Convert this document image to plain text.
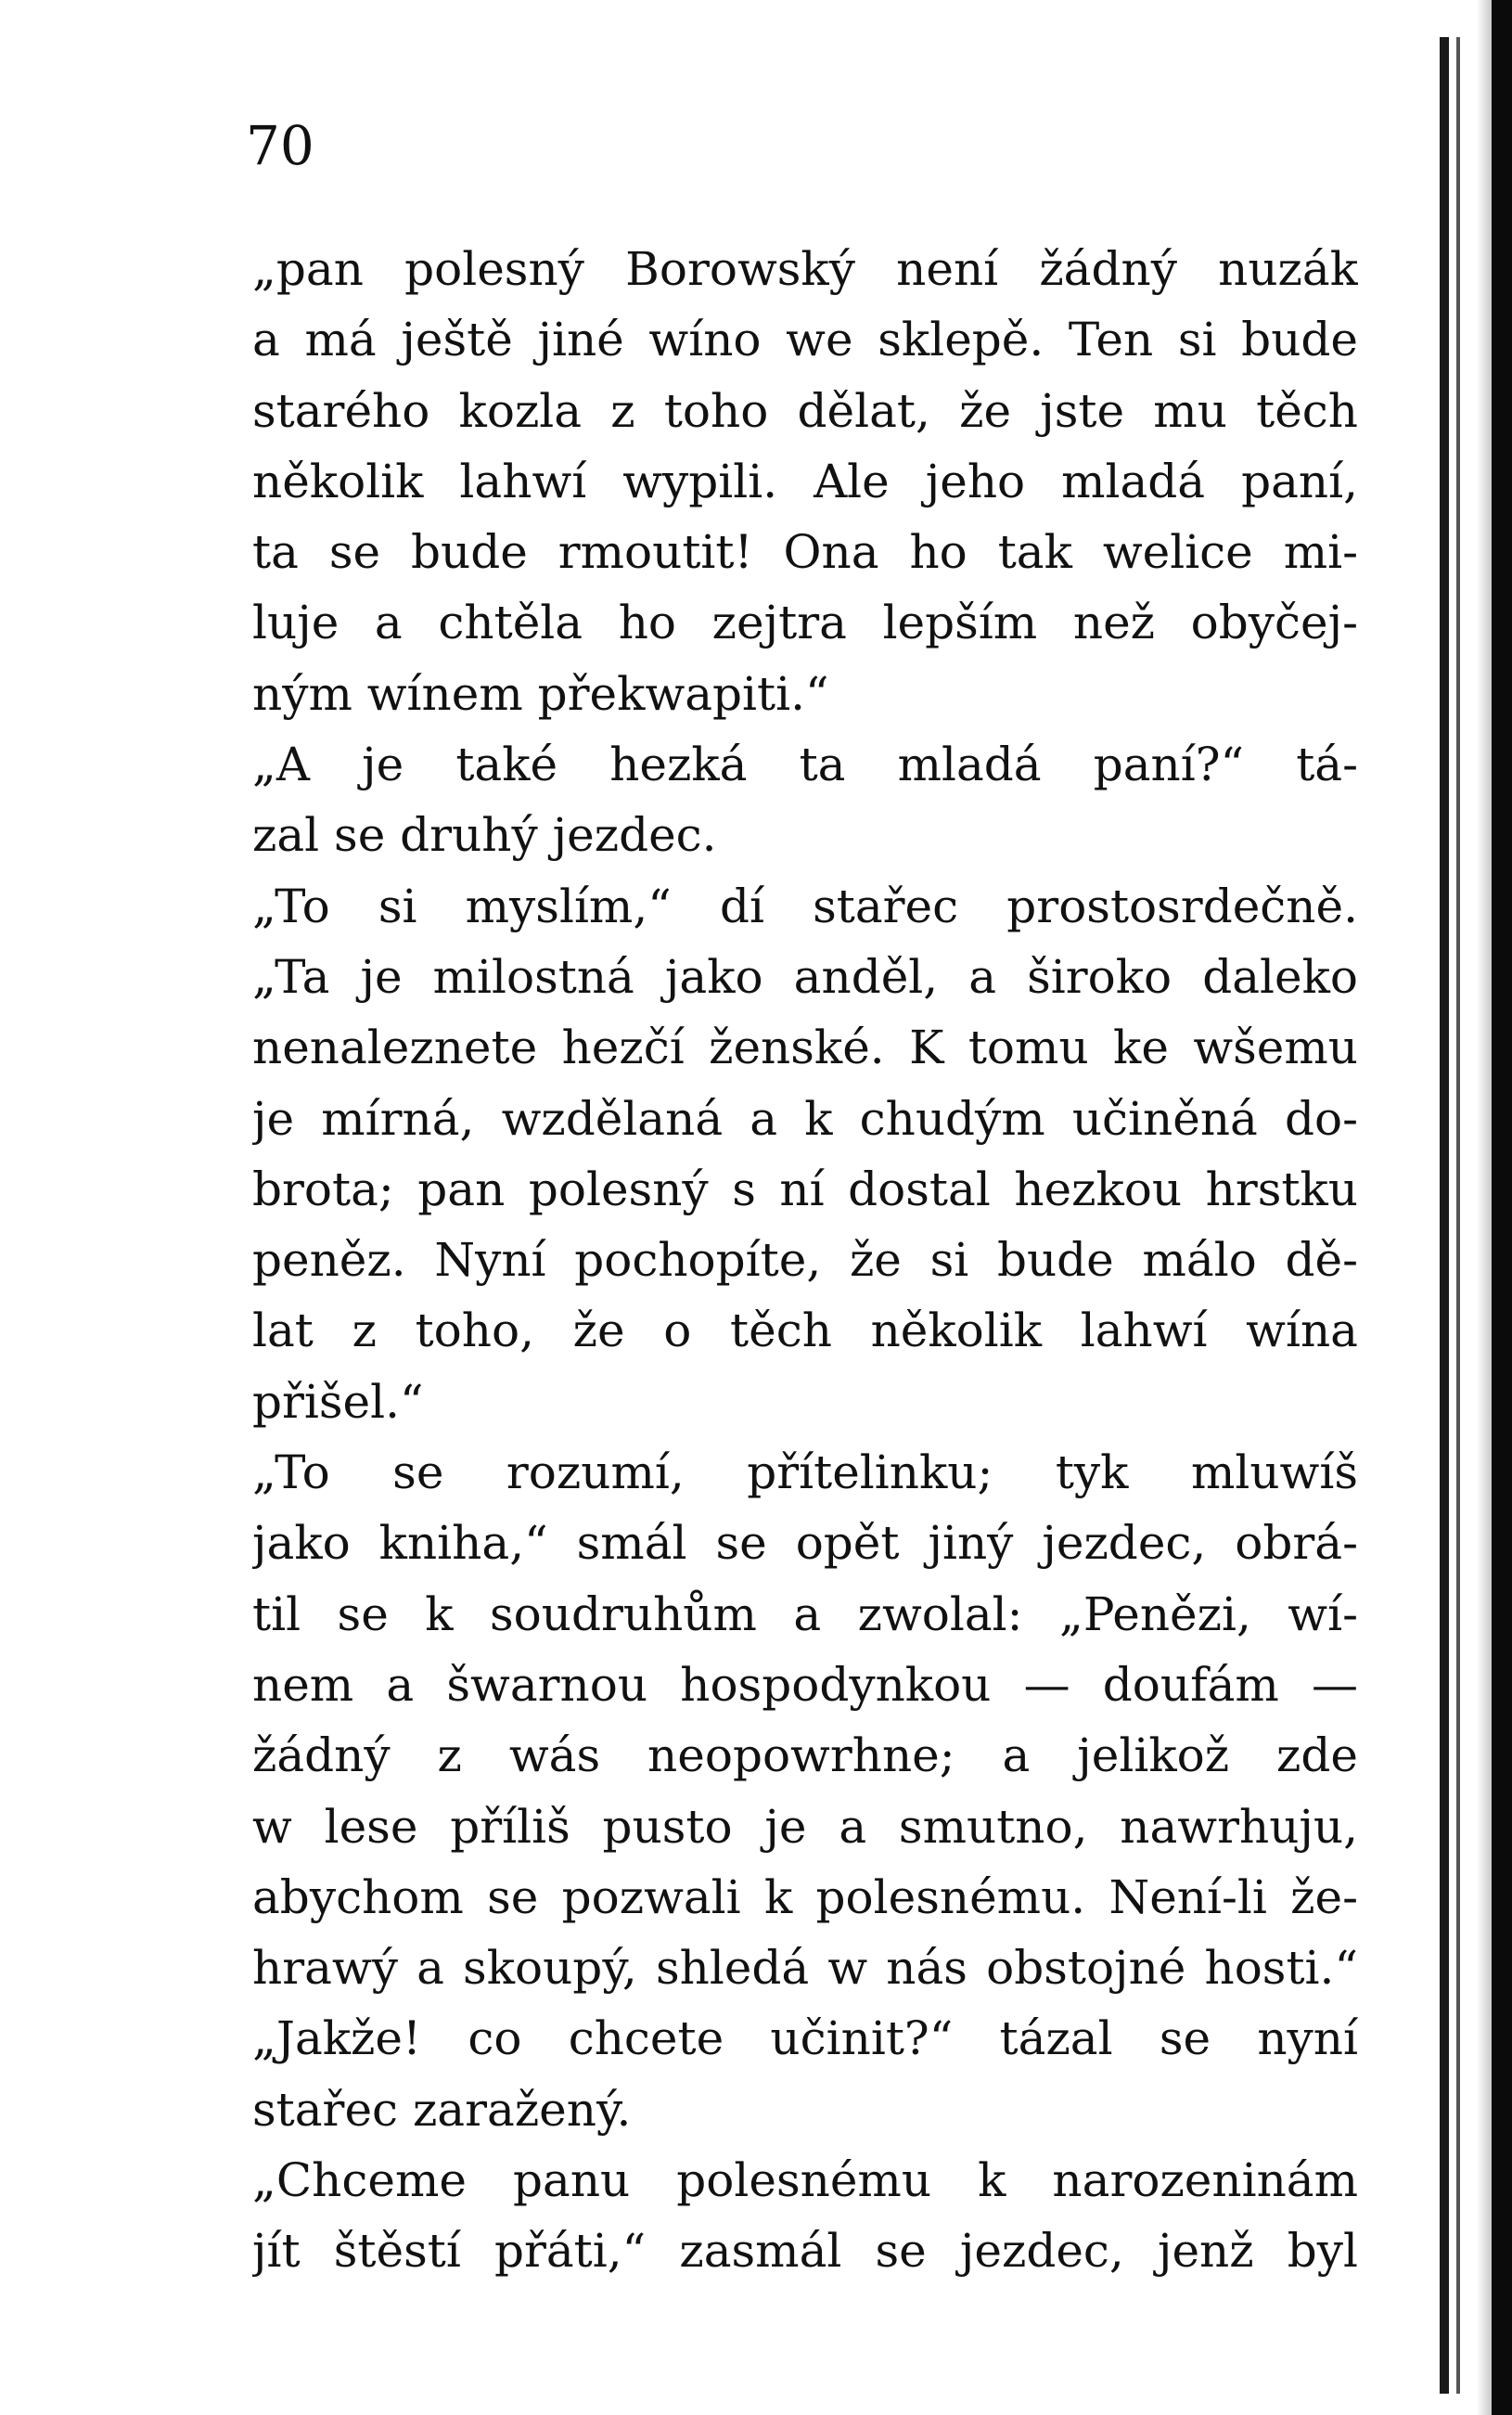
70
„pan polesný Borowský není žádný nuzák
a má ještě jiné wíno we sklepě. Ten si bude
starého kozla z toho dělat, že jste mu těch
několik lahwí wypili. Ale jeho mladá paní,
ta se bude rmoutit! Ona ho tak welice mi-
luje a chtěla ho zejtra lepším než obyčej-
ným wínem překwapiti.“
„A je také hezká ta mladá paní?“ tá-
zal se druhý jezdec.
„To si myslím,“ dí stařec prostosrdečně.
„Ta je milostná jako anděl, a široko daleko
nenaleznete hezčí ženské. K tomu ke wšemu
je mírná, wzdělaná a k chudým učiněná do-
brota; pan polesný s ní dostal hezkou hrstku
peněz. Nyní pochopíte, že si bude málo dě-
lat z toho, že o těch několik lahwí wína
přišel.“
„To se rozumí, přítelinku; tyk mluwíš
jako kniha,“ smál se opět jiný jezdec, obrá-
til se k soudruhům a zwolal: „Penězi, wí-
nem a šwarnou hospodynkou — doufám —
žádný z wás neopowrhne; a jelikož zde
w lese příliš pusto je a smutno, nawrhuju,
abychom se pozwali k polesnému. Není-li že-
hrawý a skoupý, shledá w nás obstojné hosti.“
„Jakže! co chcete učinit?“ tázal se nyní
stařec zaražený.
„Chceme panu polesnému k narozeninám
jít štěstí přáti,“ zasmál se jezdec, jenž byl
